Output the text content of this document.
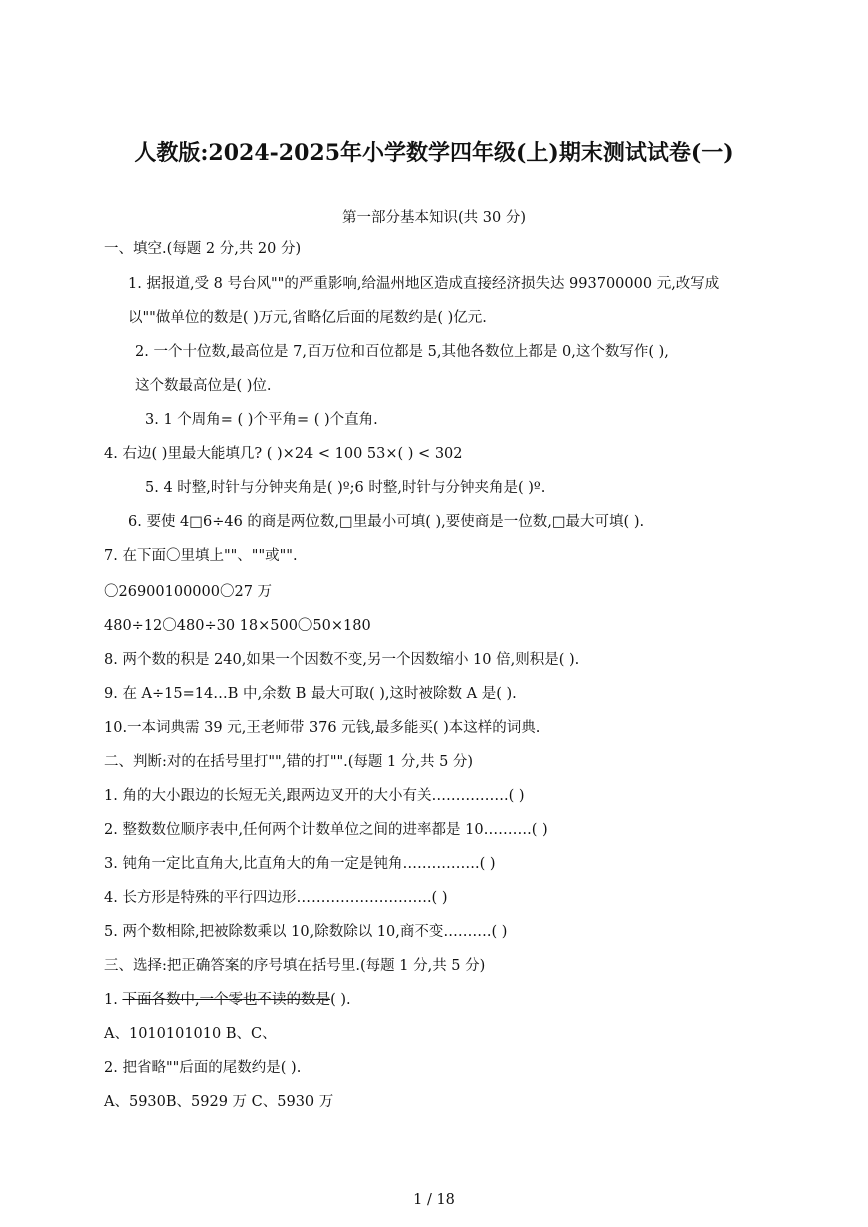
人教版:2024-2025年小学数学四年级(上)期末测试试卷(一)
第一部分基本知识(共 30 分)
一、填空.(每题 2 分,共 20 分)
1. 据报道,受 8 号台风""的严重影响,给温州地区造成直接经济损失达 993700000 元,改写成
以""做单位的数是( )万元,省略亿后面的尾数约是( )亿元.
2. 一个十位数,最高位是 7,百万位和百位都是 5,其他各数位上都是 0,这个数写作( ),
这个数最高位是( )位.
3. 1 个周角= ( )个平角= ( )个直角.
4. 右边( )里最大能填几? ( )×24 < 100 53×( ) < 302
5. 4 时整,时针与分钟夹角是( )º;6 时整,时针与分钟夹角是( )º.
6. 要使 4□6÷46 的商是两位数,□里最小可填( ),要使商是一位数,□最大可填( ).
7. 在下面〇里填上""、""或"".
〇26900100000〇27 万
480÷12〇480÷30 18×500〇50×180
8. 两个数的积是 240,如果一个因数不变,另一个因数缩小 10 倍,则积是( ).
9. 在 A÷15=14…B 中,余数 B 最大可取( ),这时被除数 A 是( ).
10.一本词典需 39 元,王老师带 376 元钱,最多能买( )本这样的词典.
二、判断:对的在括号里打"",错的打"".(每题 1 分,共 5 分)
1. 角的大小跟边的长短无关,跟两边叉开的大小有关…………….( )
2. 整数数位顺序表中,任何两个计数单位之间的进率都是 10……….( )
3. 钝角一定比直角大,比直角大的角一定是钝角…………….( )
4. 长方形是特殊的平行四边形……………………….( )
5. 两个数相除,把被除数乘以 10,除数除以 10,商不变……….( )
三、选择:把正确答案的序号填在括号里.(每题 1 分,共 5 分)
1. 下面各数中,一个零也不读的数是( ).
A、1010101010 B、C、
2. 把省略""后面的尾数约是( ).
A、5930B、5929 万 C、5930 万
1 / 18
